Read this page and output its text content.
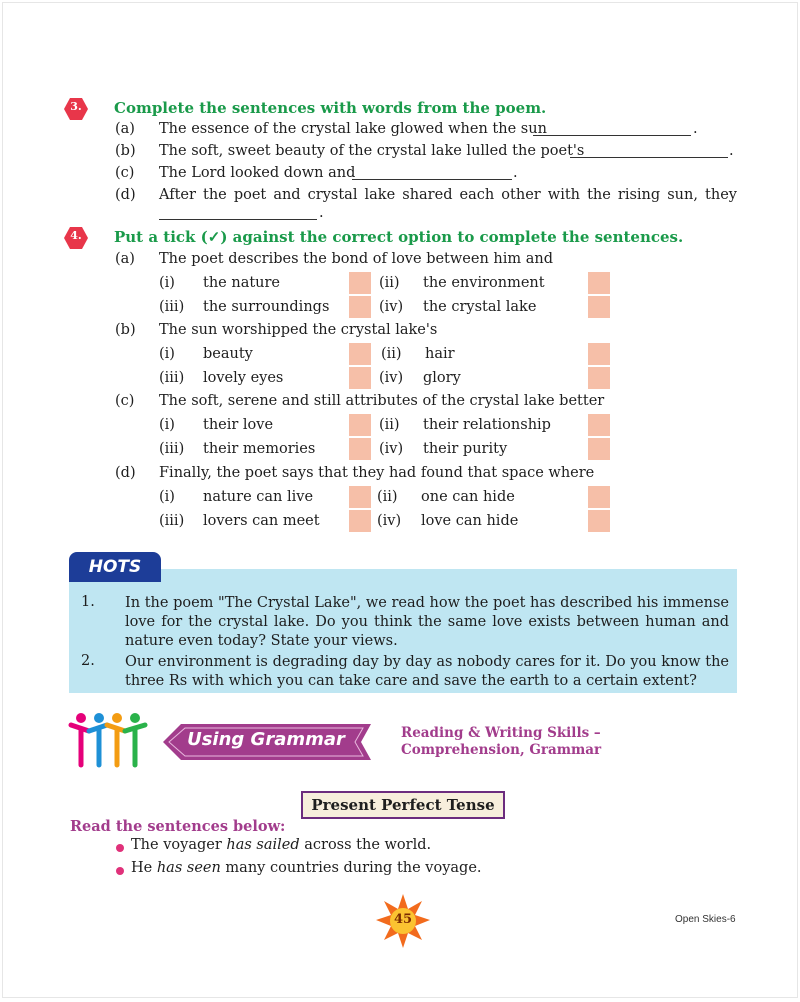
3.	Complete the sentences with words from the poem.
(a) The essence of the crystal lake glowed when the sun	.
(b) The soft, sweet beauty of the crystal lake lulled the poet's	.
(c) The Lord looked down and	.
(d) After the poet and crystal lake shared each other with the rising sun, they
.
4.	Put a tick (✓) against the correct option to complete the sentences.
(a) The poet describes the bond of love between him and
(i) the nature	(ii) the environment
(iii) the surroundings	(iv) the crystal lake
(b) The sun worshipped the crystal lake's
(i) beauty	(ii) hair
(iii) lovely eyes	(iv) glory
(c) The soft, serene and still attributes of the crystal lake better
(i) their love	(ii) their relationship
(iii) their memories	(iv) their purity
(d) Finally, the poet says that they had found that space where
(i) nature can live	(ii) one can hide
(iii) lovers can meet	(iv) love can hide
HOTS
1. In the poem "The Crystal Lake", we read how the poet has described his immense love for the crystal lake. Do you think the same love exists between human and nature even today? State your views.
2. Our environment is degrading day by day as nobody cares for it. Do you know the three Rs with which you can take care and save the earth to a certain extent?
Using Grammar	Reading & Writing Skills –
Comprehension, Grammar
Present Perfect Tense
Read the sentences below:
The voyager has sailed across the world.
He has seen many countries during the voyage.
45	Open Skies-6
